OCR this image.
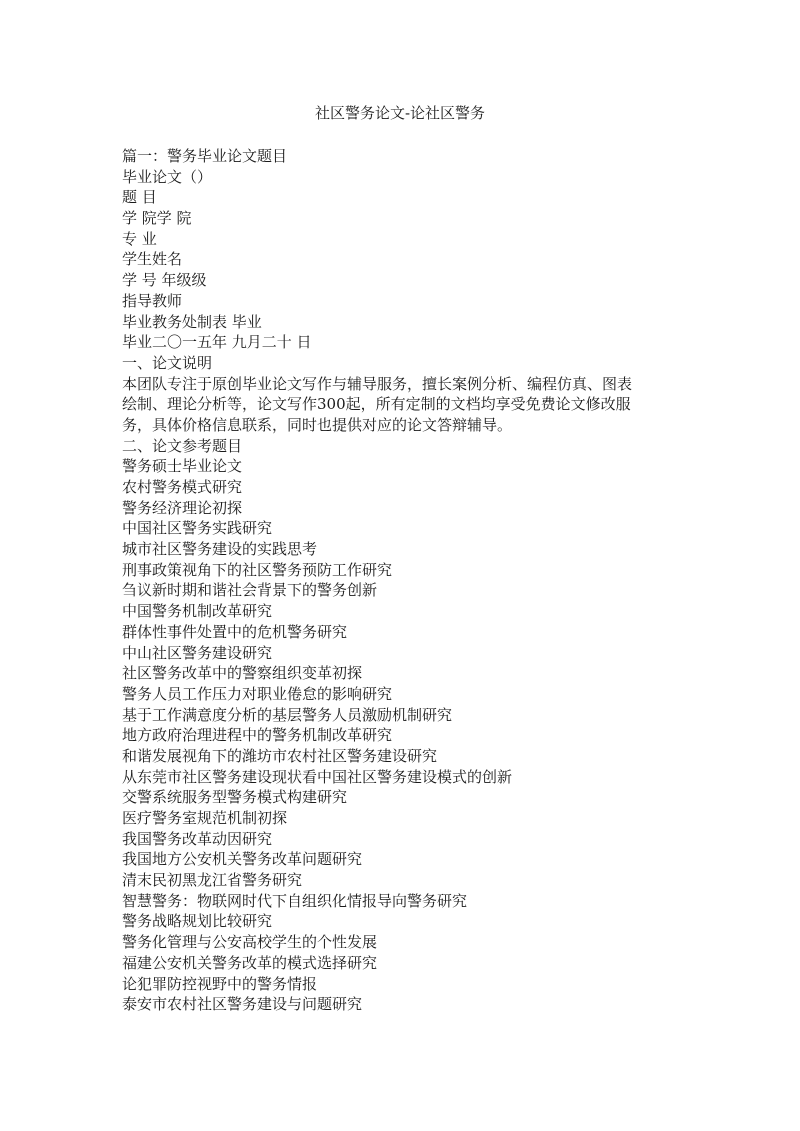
社区警务论文-论社区警务
篇一：警务毕业论文题目
毕业论文（）
题 目
学 院学 院
专 业
学生姓名
学 号 年级级
指导教师
毕业教务处制表 毕业
毕业二〇一五年 九月二十 日
一、论文说明
本团队专注于原创毕业论文写作与辅导服务，擅长案例分析、编程仿真、图表
绘制、理论分析等，论文写作300起，所有定制的文档均享受免费论文修改服
务，具体价格信息联系，同时也提供对应的论文答辩辅导。
二、论文参考题目
警务硕士毕业论文
农村警务模式研究
警务经济理论初探
中国社区警务实践研究
城市社区警务建设的实践思考
刑事政策视角下的社区警务预防工作研究
刍议新时期和谐社会背景下的警务创新
中国警务机制改革研究
群体性事件处置中的危机警务研究
中山社区警务建设研究
社区警务改革中的警察组织变革初探
警务人员工作压力对职业倦怠的影响研究
基于工作满意度分析的基层警务人员激励机制研究
地方政府治理进程中的警务机制改革研究
和谐发展视角下的潍坊市农村社区警务建设研究
从东莞市社区警务建设现状看中国社区警务建设模式的创新
交警系统服务型警务模式构建研究
医疗警务室规范机制初探
我国警务改革动因研究
我国地方公安机关警务改革问题研究
清末民初黑龙江省警务研究
智慧警务：物联网时代下自组织化情报导向警务研究
警务战略规划比较研究
警务化管理与公安高校学生的个性发展
福建公安机关警务改革的模式选择研究
论犯罪防控视野中的警务情报
泰安市农村社区警务建设与问题研究
